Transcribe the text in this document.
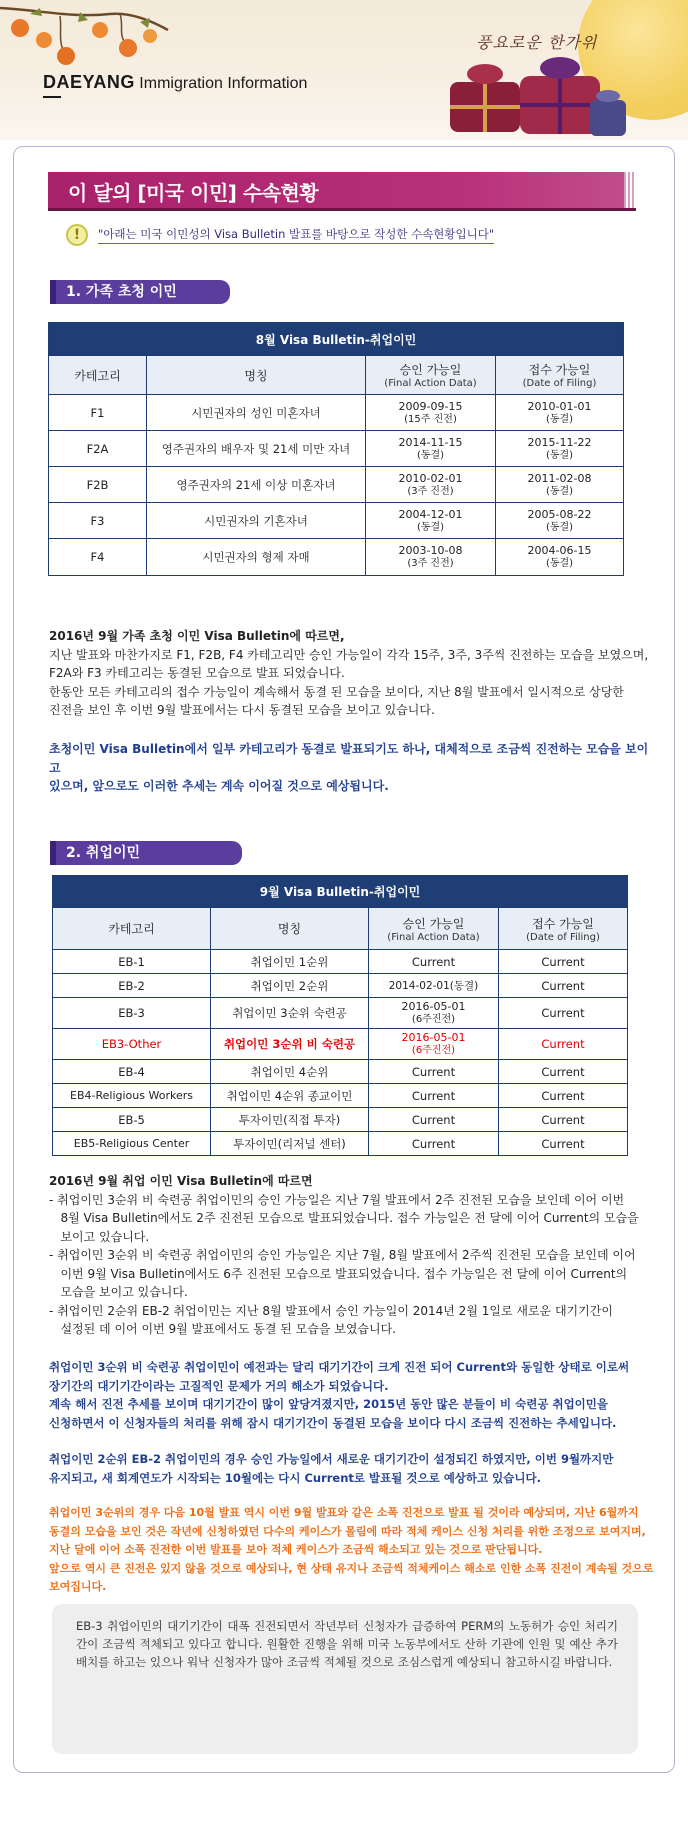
풍요로운 한가위
DAEYANG Immigration Information
이 달의 [미국 이민] 수속현황
!	"아래는 미국 이민성의 Visa Bulletin 발표를 바탕으로 작성한 수속현황입니다"
1. 가족 초청 이민
8월 Visa Bulletin-취업이민			
카테고리	명칭	승인 가능일
(Final Action Data)	접수 가능일
(Date of Filing)

F1	시민권자의 성인 미혼자녀	2009-09-15
(15주 진전)	2010-01-01
(동결)

F2A	영주권자의 배우자 및 21세 미만 자녀	2014-11-15
(동결)	2015-11-22
(동결)

F2B	영주권자의 21세 이상 미혼자녀	2010-02-01
(3주 진전)	2011-02-08
(동결)

F3	시민권자의 기혼자녀	2004-12-01
(동결)	2005-08-22
(동결)

F4	시민권자의 형제 자매	2003-10-08
(3주 진전)	2004-06-15
(동결)
2016년 9월 가족 초청 이민 Visa Bulletin에 따르면,
지난 발표와 마찬가지로 F1, F2B, F4 카테고리만 승인 가능일이 각각 15주, 3주, 3주씩 진전하는 모습을 보였으며,
F2A와 F3 카테고리는 동결된 모습으로 발표 되었습니다.
한동안 모든 카테고리의 접수 가능일이 계속해서 동결 된 모습을 보이다, 지난 8월 발표에서 일시적으로 상당한
진전을 보인 후 이번 9월 발표에서는 다시 동결된 모습을 보이고 있습니다.
초청이민 Visa Bulletin에서 일부 카테고리가 동결로 발표되기도 하나, 대체적으로 조금씩 진전하는 모습을 보이고
있으며, 앞으로도 이러한 추세는 계속 이어질 것으로 예상됩니다.
2. 취업이민
9월 Visa Bulletin-취업이민			
카테고리	명칭	승인 가능일
(Final Action Data)	접수 가능일
(Date of Filing)

EB-1	취업이민 1순위	Current	Current
EB-2	취업이민 2순위	2014-02-01(동결)	Current
EB-3	취업이민 3순위 숙련공	2016-05-01
(6주진전)	Current
EB3-Other	취업이민 3순위 비 숙련공	2016-05-01
(6주진전)	Current
EB-4	취업이민 4순위	Current	Current
EB4-Religious Workers	취업이민 4순위 종교이민	Current	Current
EB-5	투자이민(직접 투자)	Current	Current
EB5-Religious Center	투자이민(리저널 센터)	Current	Current
2016년 9월 취업 이민 Visa Bulletin에 따르면
- 취업이민 3순위 비 숙련공 취업이민의 승인 가능일은 지난 7월 발표에서 2주 진전된 모습을 보인데 이어 이번
8월 Visa Bulletin에서도 2주 진전된 모습으로 발표되었습니다. 접수 가능일은 전 달에 이어 Current의 모습을
보이고 있습니다.
- 취업이민 3순위 비 숙련공 취업이민의 승인 가능일은 지난 7월, 8월 발표에서 2주씩 진전된 모습을 보인데 이어
이번 9월 Visa Bulletin에서도 6주 진전된 모습으로 발표되었습니다. 접수 가능일은 전 달에 이어 Current의
모습을 보이고 있습니다.
- 취업이민 2순위 EB-2 취업이민는 지난 8월 발표에서 승인 가능일이 2014년 2월 1일로 새로운 대기기간이
설정된 데 이어 이번 9월 발표에서도 동결 된 모습을 보였습니다.
취업이민 3순위 비 숙련공 취업이민이 예전과는 달리 대기기간이 크게 진전 되어 Current와 동일한 상태로 이로써
장기간의 대기기간이라는 고질적인 문제가 거의 해소가 되었습니다.
계속 해서 진전 추세를 보이며 대기기간이 많이 앞당겨졌지만, 2015년 동안 많은 분들이 비 숙련공 취업이민을
신청하면서 이 신청자들의 처리를 위해 잠시 대기기간이 동결된 모습을 보이다 다시 조금씩 진전하는 추세입니다.
취업이민 2순위 EB-2 취업이민의 경우 승인 가능일에서 새로운 대기기간이 설정되긴 하였지만, 이번 9월까지만
유지되고, 새 회계연도가 시작되는 10월에는 다시 Current로 발표될 것으로 예상하고 있습니다.
취업이민 3순위의 경우 다음 10월 발표 역시 이번 9월 발표와 같은 소폭 진전으로 발표 될 것이라 예상되며, 지난 6월까지
동결의 모습을 보인 것은 작년에 신청하였던 다수의 케이스가 몰림에 따라 적체 케이스 신청 처리를 위한 조정으로 보여지며,
지난 달에 이어 소폭 진전한 이번 발표를 보아 적체 케이스가 조금씩 해소되고 있는 것으로 판단됩니다.
앞으로 역시 큰 진전은 있지 않을 것으로 예상되나, 현 상태 유지나 조금씩 적체케이스 해소로 인한 소폭 진전이 계속될 것으로
보여집니다.
EB-3 취업이민의 대기기간이 대폭 진전되면서 작년부터 신청자가 급증하여 PERM의 노동허가 승인 처리기간이 조금씩 적체되고 있다고 합니다. 원활한 진행을 위해 미국 노동부에서도 산하 기관에 인원 및 예산 추가 배치를 하고는 있으나 워낙 신청자가 많아 조금씩 적체될 것으로 조심스럽게 예상되니 참고하시길 바랍니다.
